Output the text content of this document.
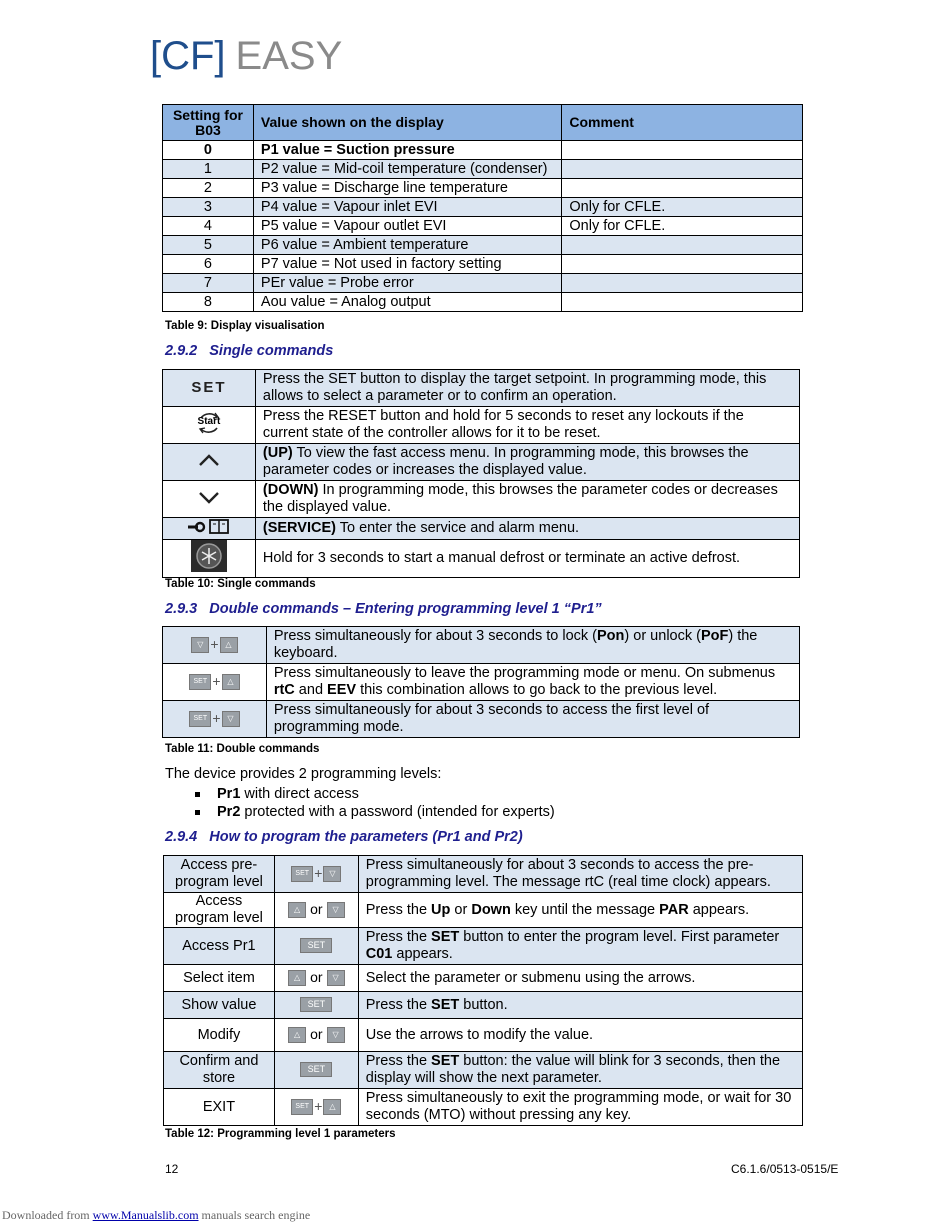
[CF] EASY
Setting for B03	Value shown on the display	Comment
0	P1 value = Suction pressure	
1	P2 value = Mid-coil temperature (condenser)	
2	P3 value = Discharge line temperature	
3	P4 value = Vapour inlet EVI	Only for CFLE.
4	P5 value = Vapour outlet EVI	Only for CFLE.
5	P6 value = Ambient temperature	
6	P7 value = Not used in factory setting	
7	PEr value = Probe error	
8	Aou value = Analog output	
Table 9: Display visualisation
2.9.2 Single commands
SET	Press the SET button to display the target setpoint. In programming mode, this allows to select a parameter or to confirm an operation.

Start	Press the RESET button and hold for 5 seconds to reset any lockouts if the current state of the controller allows for it to be reset.
	(UP) To view the fast access menu. In programming mode, this browses the parameter codes or increases the displayed value.
	(DOWN) In programming mode, this browses the parameter codes or decreases the displayed value.
	(SERVICE) To enter the service and alarm menu.
	Hold for 3 seconds to start a manual defrost or terminate an active defrost.
Table 10: Single commands
2.9.3 Double commands – Entering programming level 1 “Pr1”
▽ + △	Press simultaneously for about 3 seconds to lock (Pon) or unlock (PoF) the keyboard.
SET + △	Press simultaneously to leave the programming mode or menu. On submenus rtC and EEV this combination allows to go back to the previous level.
SET + ▽	Press simultaneously for about 3 seconds to access the first level of programming mode.
Table 11: Double commands
The device provides 2 programming levels:
Pr1 with direct access
Pr2 protected with a password (intended for experts)
2.9.4 How to program the parameters (Pr1 and Pr2)
Access pre-program level	SET + ▽	Press simultaneously for about 3 seconds to access the pre-programming level. The message rtC (real time clock) appears.
Access program level	△ or ▽	Press the Up or Down key until the message PAR appears.
Access Pr1	SET	Press the SET button to enter the program level. First parameter C01 appears.
Select item	△ or ▽	Select the parameter or submenu using the arrows.
Show value	SET	Press the SET button.
Modify	△ or ▽	Use the arrows to modify the value.
Confirm and store	SET	Press the SET button: the value will blink for 3 seconds, then the display will show the next parameter.
EXIT	SET + △	Press simultaneously to exit the programming mode, or wait for 30 seconds (MTO) without pressing any key.
Table 12: Programming level 1 parameters
12	C6.1.6/0513-0515/E
Downloaded from www.Manualslib.com manuals search engine
